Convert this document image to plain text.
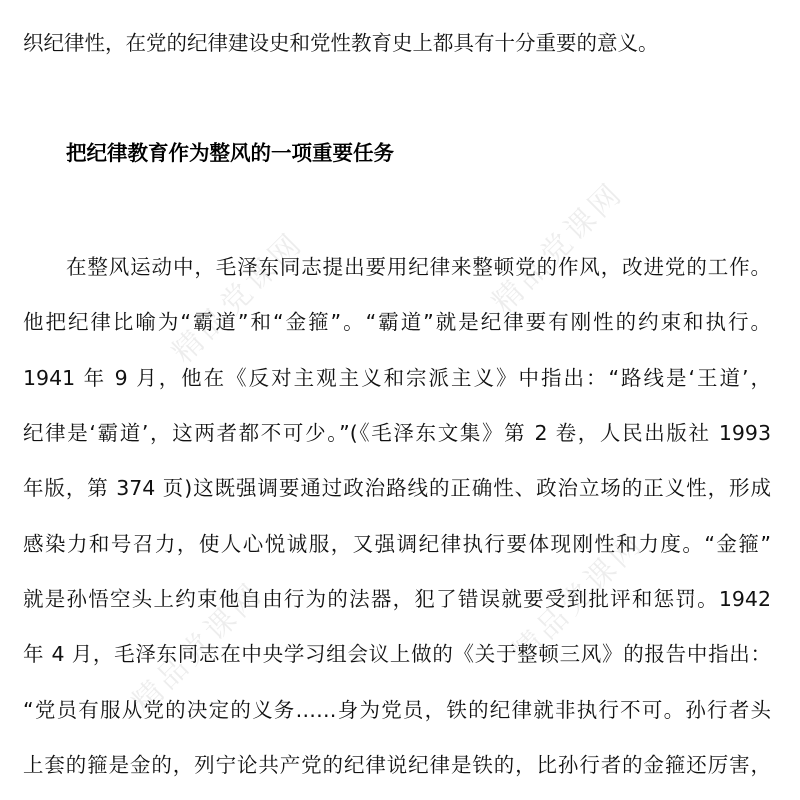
精品党课网	精品党课网
精品党课网	精品党课网
织纪律性，在党的纪律建设史和党性教育史上都具有十分重要的意义。
把纪律教育作为整风的一项重要任务
在整风运动中，毛泽东同志提出要用纪律来整顿党的作风，改进党的工作。
他把纪律比喻为“霸道”和“金箍”。“霸道”就是纪律要有刚性的约束和执行。
1941 年 9 月，他在《反对主观主义和宗派主义》中指出：“路线是‘王道’，
纪律是‘霸道’，这两者都不可少。”(《毛泽东文集》第 2 卷，人民出版社 1993
年版，第 374 页)这既强调要通过政治路线的正确性、政治立场的正义性，形成
感染力和号召力，使人心悦诚服，又强调纪律执行要体现刚性和力度。“金箍”
就是孙悟空头上约束他自由行为的法器，犯了错误就要受到批评和惩罚。1942
年 4 月，毛泽东同志在中央学习组会议上做的《关于整顿三风》的报告中指出：
“党员有服从党的决定的义务……身为党员，铁的纪律就非执行不可。孙行者头
上套的箍是金的，列宁论共产党的纪律说纪律是铁的，比孙行者的金箍还厉害，
